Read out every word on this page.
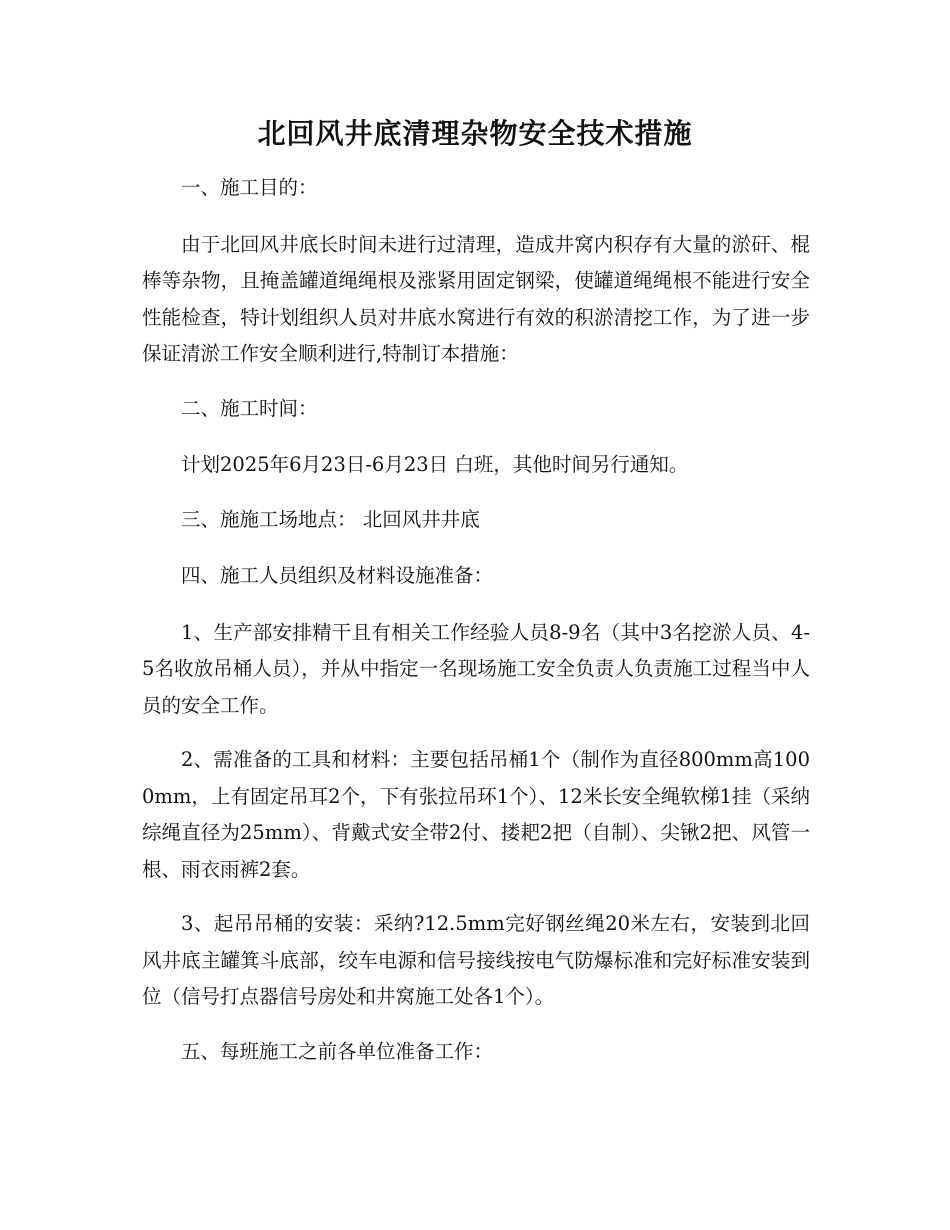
北回风井底清理杂物安全技术措施

一、施工目的：

由于北回风井底长时间未进行过清理，造成井窝内积存有大量的淤矸、棍棒等杂物，且掩盖罐道绳绳根及涨紧用固定钢梁，使罐道绳绳根不能进行安全性能检查，特计划组织人员对井底水窝进行有效的积淤清挖工作，为了进一步保证清淤工作安全顺利进行,特制订本措施：

二、施工时间：

计划2025年6月23日-6月23日 白班，其他时间另行通知。

三、施施工场地点： 北回风井井底

四、施工人员组织及材料设施准备：

1、生产部安排精干且有相关工作经验人员8-9名（其中3名挖淤人员、4-5名收放吊桶人员），并从中指定一名现场施工安全负责人负责施工过程当中人员的安全工作。

2、需准备的工具和材料：主要包括吊桶1个（制作为直径800mm高1000mm，上有固定吊耳2个，下有张拉吊环1个）、12米长安全绳软梯1挂（采纳综绳直径为25mm）、背戴式安全带2付、搂耙2把（自制）、尖锹2把、风管一根、雨衣雨裤2套。

3、起吊吊桶的安装：采纳?12.5mm完好钢丝绳20米左右，安装到北回风井底主罐箕斗底部，绞车电源和信号接线按电气防爆标准和完好标准安装到位（信号打点器信号房处和井窝施工处各1个）。

五、每班施工之前各单位准备工作：
